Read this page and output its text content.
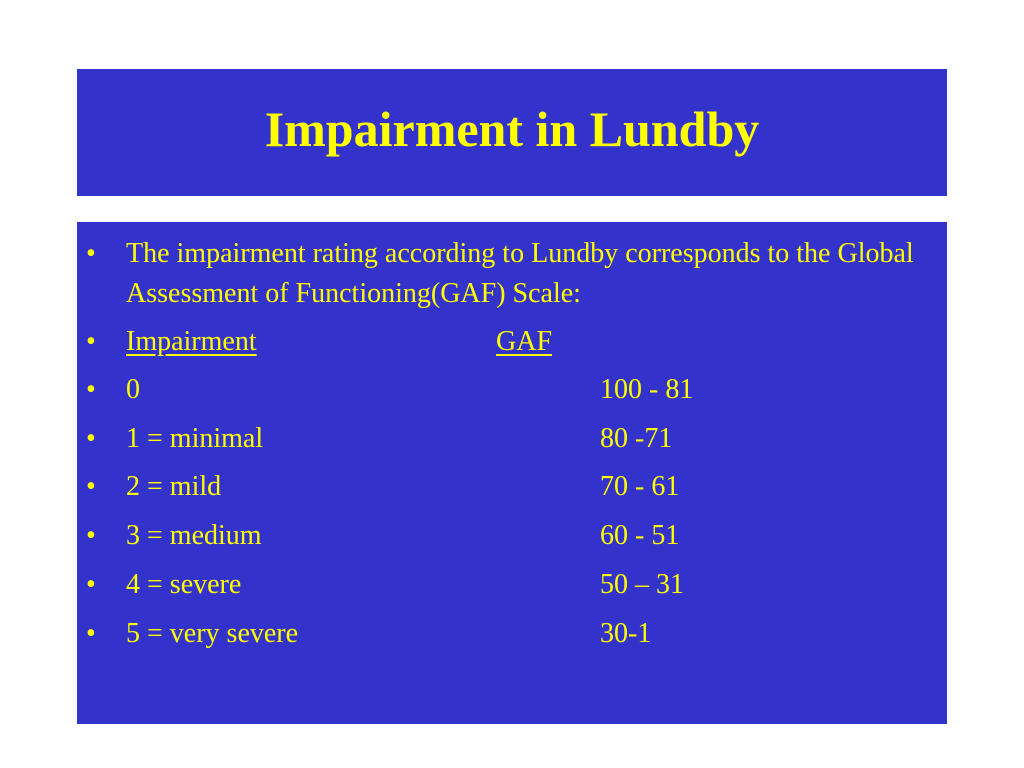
Impairment in Lundby
• The impairment rating according to Lundby corresponds to the Global Assessment of Functioning(GAF) Scale:
• Impairment	GAF
• 0	100 - 81
• 1 = minimal	80 -71
• 2 = mild	70 - 61
• 3 = medium	60 - 51
• 4 = severe	50 – 31
• 5 = very severe	30-1
